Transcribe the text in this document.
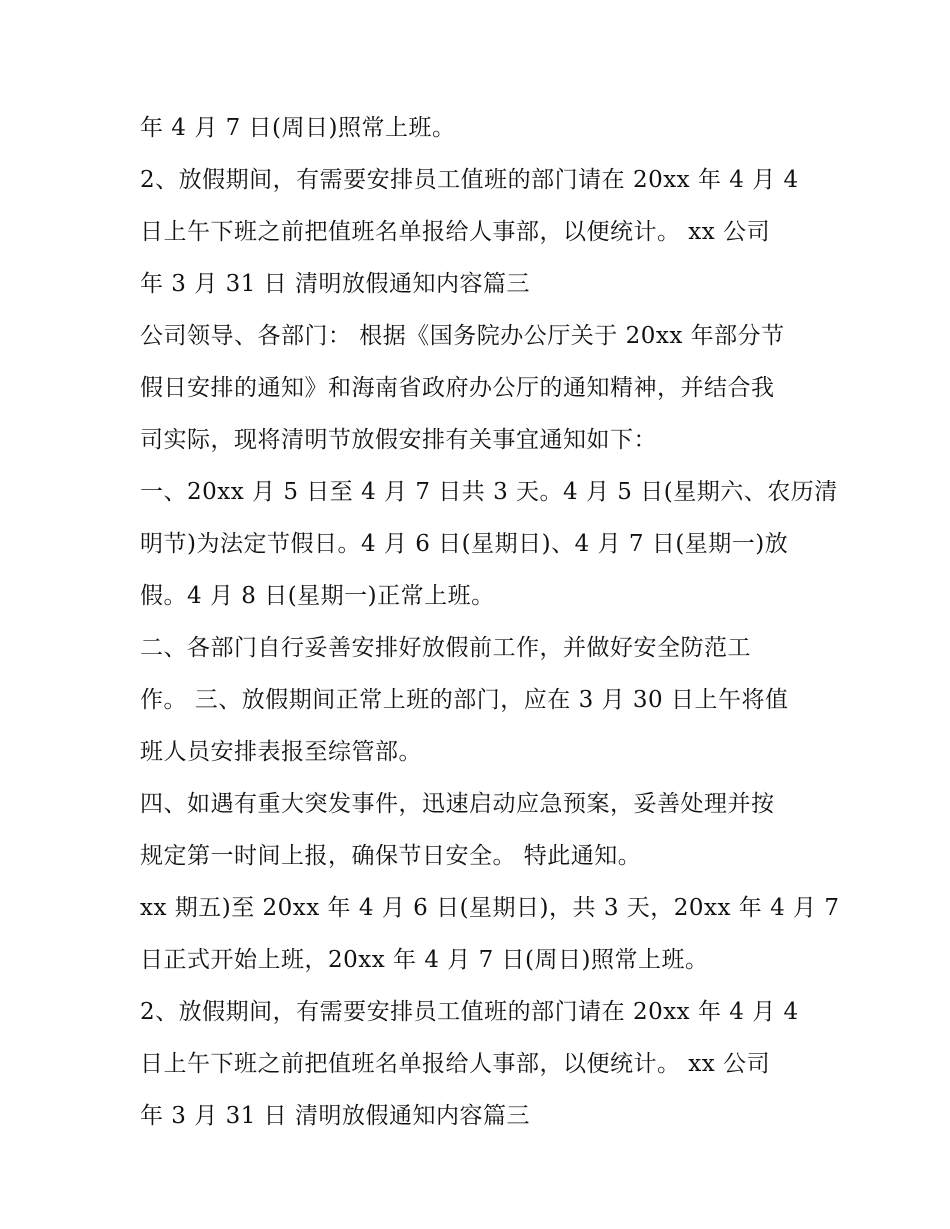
年 4 月 7 日(周日)照常上班。
2、放假期间，有需要安排员工值班的部门请在 20xx 年 4 月 4
日上午下班之前把值班名单报给人事部，以便统计。 xx 公司
年 3 月 31 日 清明放假通知内容篇三
公司领导、各部门： 根据《国务院办公厅关于 20xx 年部分节
假日安排的通知》和海南省政府办公厅的通知精神，并结合我
司实际，现将清明节放假安排有关事宜通知如下：
一、20xx 月 5 日至 4 月 7 日共 3 天。4 月 5 日(星期六、农历清
明节)为法定节假日。4 月 6 日(星期日)、4 月 7 日(星期一)放
假。4 月 8 日(星期一)正常上班。
二、各部门自行妥善安排好放假前工作，并做好安全防范工
作。 三、放假期间正常上班的部门，应在 3 月 30 日上午将值
班人员安排表报至综管部。
四、如遇有重大突发事件，迅速启动应急预案，妥善处理并按
规定第一时间上报，确保节日安全。 特此通知。
xx 期五)至 20xx 年 4 月 6 日(星期日)，共 3 天，20xx 年 4 月 7
日正式开始上班，20xx 年 4 月 7 日(周日)照常上班。
2、放假期间，有需要安排员工值班的部门请在 20xx 年 4 月 4
日上午下班之前把值班名单报给人事部，以便统计。 xx 公司
年 3 月 31 日 清明放假通知内容篇三
